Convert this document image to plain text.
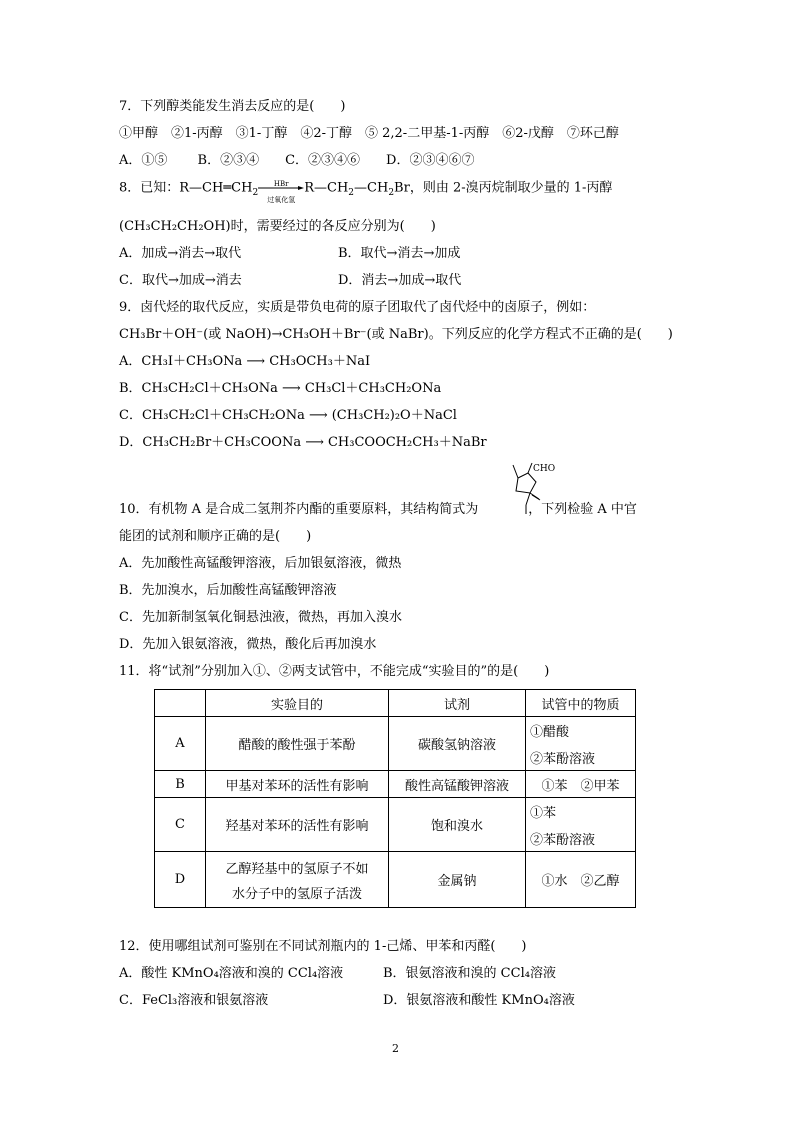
7．下列醇类能发生消去反应的是(　　)
①甲醇　②1-丙醇　③1-丁醇　④2-丁醇　⑤ 2,2-二甲基-1-丙醇　⑥2-戊醇　⑦环己醇
A．①⑤　　 B．②③④　　C．②③④⑥　　D．②③④⑥⑦
8．已知：$R—CH═CH_2$
HBr
过氧化氢
$R—CH_2—CH_2Br$，则由 2-溴丙烷制取少量的 1-丙醇
(CH₃CH₂CH₂OH)时，需要经过的各反应分别为(　　)
A．加成→消去→取代	B．取代→消去→加成
C．取代→加成→消去	D．消去→加成→取代
9．卤代烃的取代反应，实质是带负电荷的原子团取代了卤代烃中的卤原子，例如：
CH₃Br＋OH⁻(或 NaOH)→CH₃OH＋Br⁻(或 NaBr)。下列反应的化学方程式不正确的是(　　)
A．CH₃I＋CH₃ONa ⟶ CH₃OCH₃＋NaI
B．CH₃CH₂Cl＋CH₃ONa ⟶ CH₃Cl＋CH₃CH₂ONa
C．CH₃CH₂Cl＋CH₃CH₂ONa ⟶ (CH₃CH₂)₂O＋NaCl
D．CH₃CH₂Br＋CH₃COONa ⟶ CH₃COOCH₂CH₃＋NaBr
CHO
10．有机物 A 是合成二氢荆芥内酯的重要原料，其结构简式为	，下列检验 A 中官
能团的试剂和顺序正确的是(　　)
A．先加酸性高锰酸钾溶液，后加银氨溶液，微热
B．先加溴水，后加酸性高锰酸钾溶液
C．先加新制氢氧化铜悬浊液，微热，再加入溴水
D．先加入银氨溶液，微热，酸化后再加溴水
11．将“试剂”分别加入①、②两支试管中，不能完成“实验目的”的是(　　)
	实验目的	试剂	试管中的物质
A	醋酸的酸性强于苯酚	碳酸氢钠溶液	①醋酸
②苯酚溶液

B	甲基对苯环的活性有影响	酸性高锰酸钾溶液	①苯　②甲苯
C	羟基对苯环的活性有影响	饱和溴水	①苯
②苯酚溶液

D	乙醇羟基中的氢原子不如
水分子中的氢原子活泼	金属钠	①水　②乙醇
12．使用哪组试剂可鉴别在不同试剂瓶内的 1-己烯、甲苯和丙醛(　　)
A．酸性 KMnO₄溶液和溴的 CCl₄溶液	B．银氨溶液和溴的 CCl₄溶液
C．FeCl₃溶液和银氨溶液	D．银氨溶液和酸性 KMnO₄溶液
2
